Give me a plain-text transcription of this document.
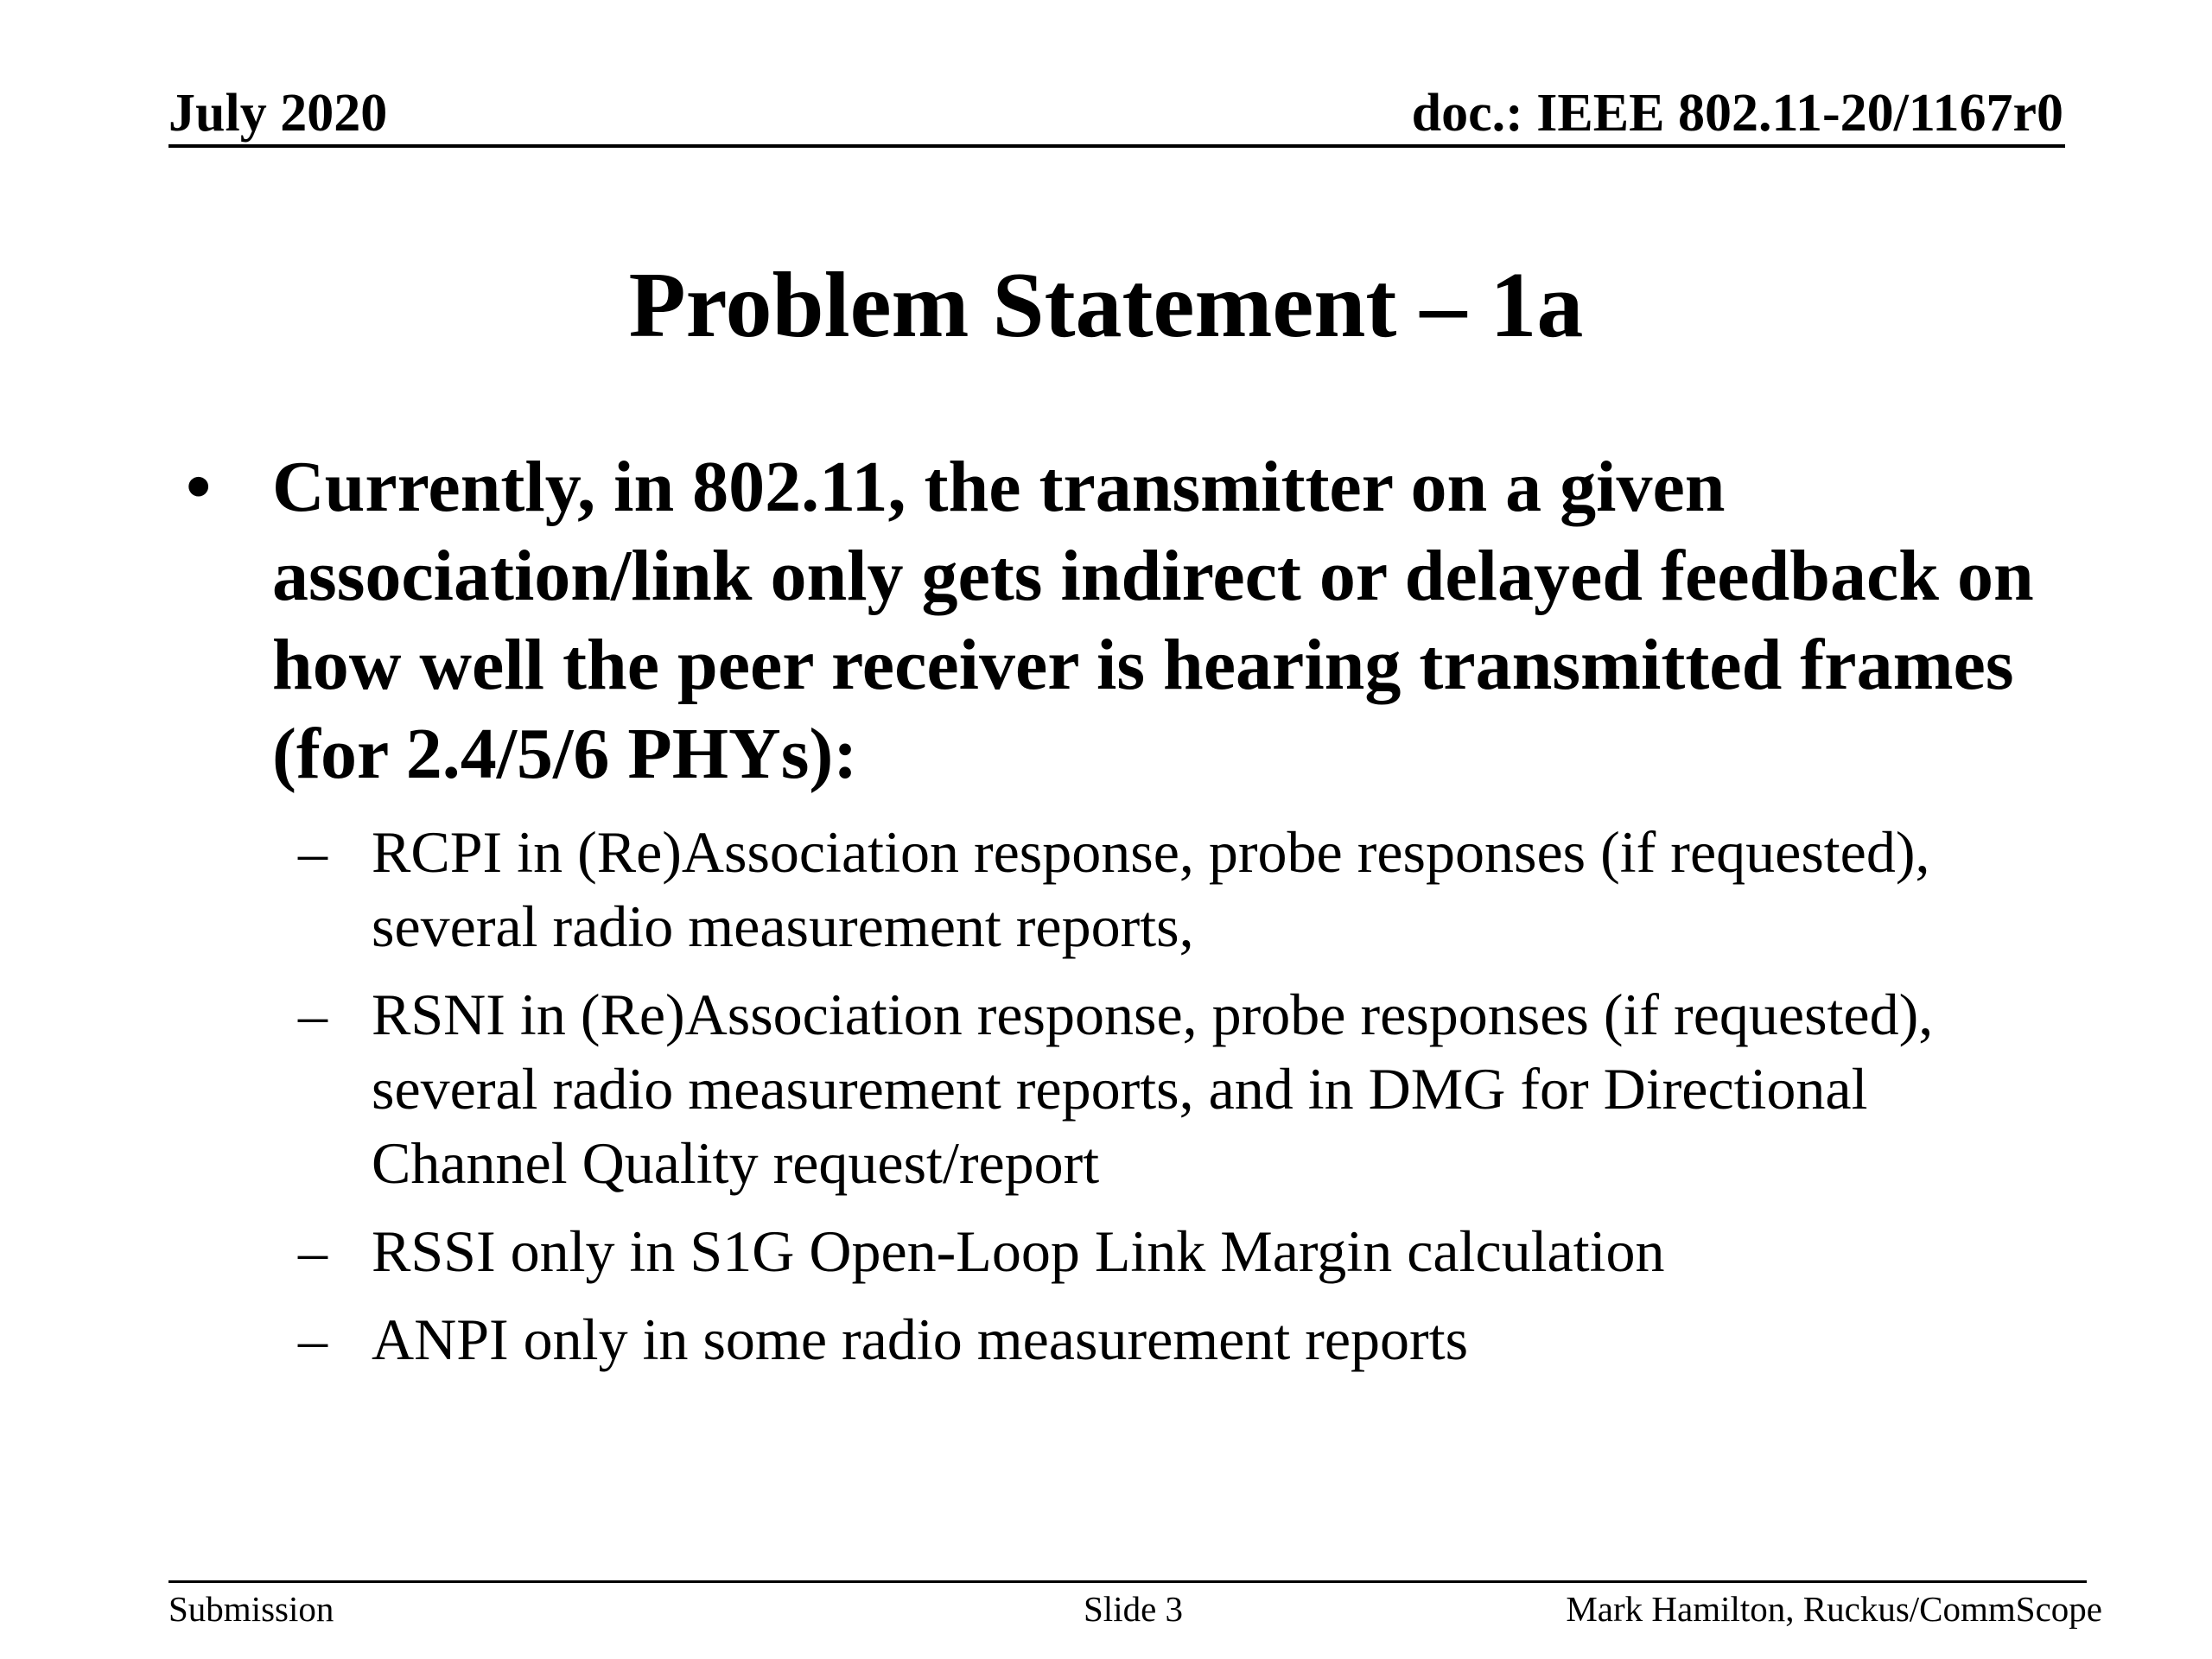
July 2020	doc.: IEEE 802.11-20/1167r0
Problem Statement – 1a
• Currently, in 802.11, the transmitter on a given association/link only gets indirect or delayed feedback on how well the peer receiver is hearing transmitted frames (for 2.4/5/6 PHYs):
– RCPI in (Re)Association response, probe responses (if requested), several radio measurement reports,
– RSNI in (Re)Association response, probe responses (if requested), several radio measurement reports, and in DMG for Directional Channel Quality request/report
– RSSI only in S1G Open-Loop Link Margin calculation
– ANPI only in some radio measurement reports
Submission	Slide 3	Mark Hamilton, Ruckus/CommScope
